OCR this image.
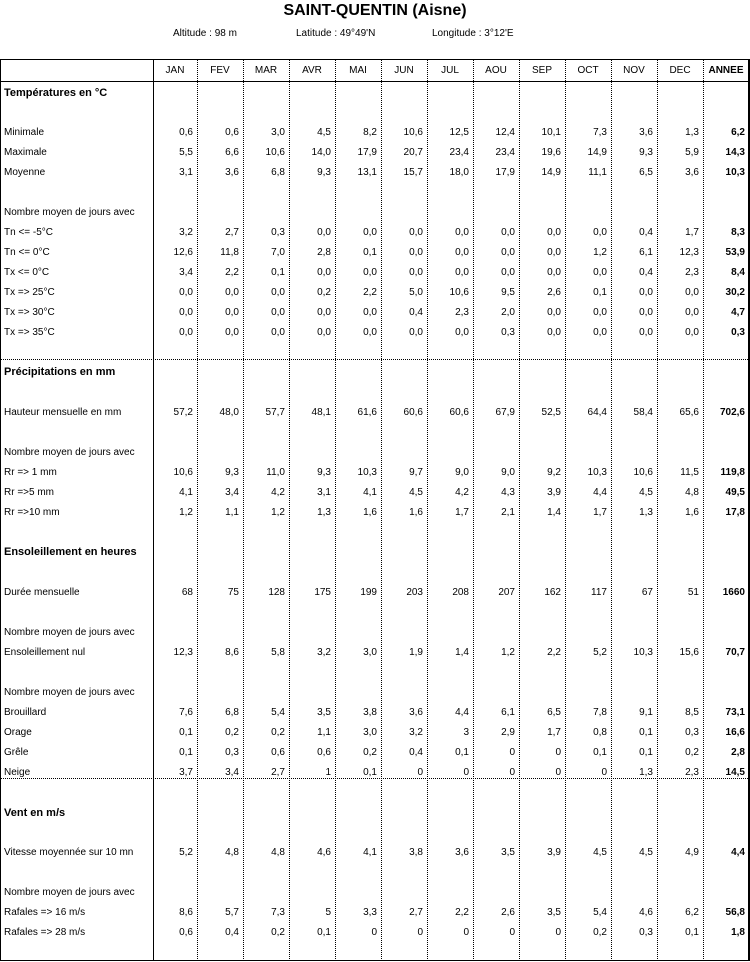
SAINT-QUENTIN (Aisne)
Altitude : 98 m	Latitude : 49°49'N	Longitude : 3°12'E
JAN	FEV	MAR	AVR	MAI	JUN	JUL	AOU	SEP	OCT	NOV	DEC	ANNEE
Températures en °C
Nombre moyen de jours avec
Précipitations en mm
Nombre moyen de jours avec
Ensoleillement en heures
Nombre moyen de jours avec
Nombre moyen de jours avec
Vent en m/s
Nombre moyen de jours avec
Minimale	0,6	0,6	3,0	4,5	8,2	10,6	12,5	12,4	10,1	7,3	3,6	1,3	6,2
Maximale	5,5	6,6	10,6	14,0	17,9	20,7	23,4	23,4	19,6	14,9	9,3	5,9	14,3
Moyenne	3,1	3,6	6,8	9,3	13,1	15,7	18,0	17,9	14,9	11,1	6,5	3,6	10,3
Tn <= -5°C	3,2	2,7	0,3	0,0	0,0	0,0	0,0	0,0	0,0	0,0	0,4	1,7	8,3
Tn <= 0°C	12,6	11,8	7,0	2,8	0,1	0,0	0,0	0,0	0,0	1,2	6,1	12,3	53,9
Tx <= 0°C	3,4	2,2	0,1	0,0	0,0	0,0	0,0	0,0	0,0	0,0	0,4	2,3	8,4
Tx => 25°C	0,0	0,0	0,0	0,2	2,2	5,0	10,6	9,5	2,6	0,1	0,0	0,0	30,2
Tx => 30°C	0,0	0,0	0,0	0,0	0,0	0,4	2,3	2,0	0,0	0,0	0,0	0,0	4,7
Tx => 35°C	0,0	0,0	0,0	0,0	0,0	0,0	0,0	0,3	0,0	0,0	0,0	0,0	0,3
Hauteur mensuelle en mm	57,2	48,0	57,7	48,1	61,6	60,6	60,6	67,9	52,5	64,4	58,4	65,6	702,6
Rr => 1 mm	10,6	9,3	11,0	9,3	10,3	9,7	9,0	9,0	9,2	10,3	10,6	11,5	119,8
Rr =>5 mm	4,1	3,4	4,2	3,1	4,1	4,5	4,2	4,3	3,9	4,4	4,5	4,8	49,5
Rr =>10 mm	1,2	1,1	1,2	1,3	1,6	1,6	1,7	2,1	1,4	1,7	1,3	1,6	17,8
Durée mensuelle	68	75	128	175	199	203	208	207	162	117	67	51	1660
Ensoleillement nul	12,3	8,6	5,8	3,2	3,0	1,9	1,4	1,2	2,2	5,2	10,3	15,6	70,7
Brouillard	7,6	6,8	5,4	3,5	3,8	3,6	4,4	6,1	6,5	7,8	9,1	8,5	73,1
Orage	0,1	0,2	0,2	1,1	3,0	3,2	3	2,9	1,7	0,8	0,1	0,3	16,6
Grêle	0,1	0,3	0,6	0,6	0,2	0,4	0,1	0	0	0,1	0,1	0,2	2,8
Neige	3,7	3,4	2,7	1	0,1	0	0	0	0	0	1,3	2,3	14,5
Vitesse moyennée sur 10 mn	5,2	4,8	4,8	4,6	4,1	3,8	3,6	3,5	3,9	4,5	4,5	4,9	4,4
Rafales => 16 m/s	8,6	5,7	7,3	5	3,3	2,7	2,2	2,6	3,5	5,4	4,6	6,2	56,8
Rafales => 28 m/s	0,6	0,4	0,2	0,1	0	0	0	0	0	0,2	0,3	0,1	1,8
